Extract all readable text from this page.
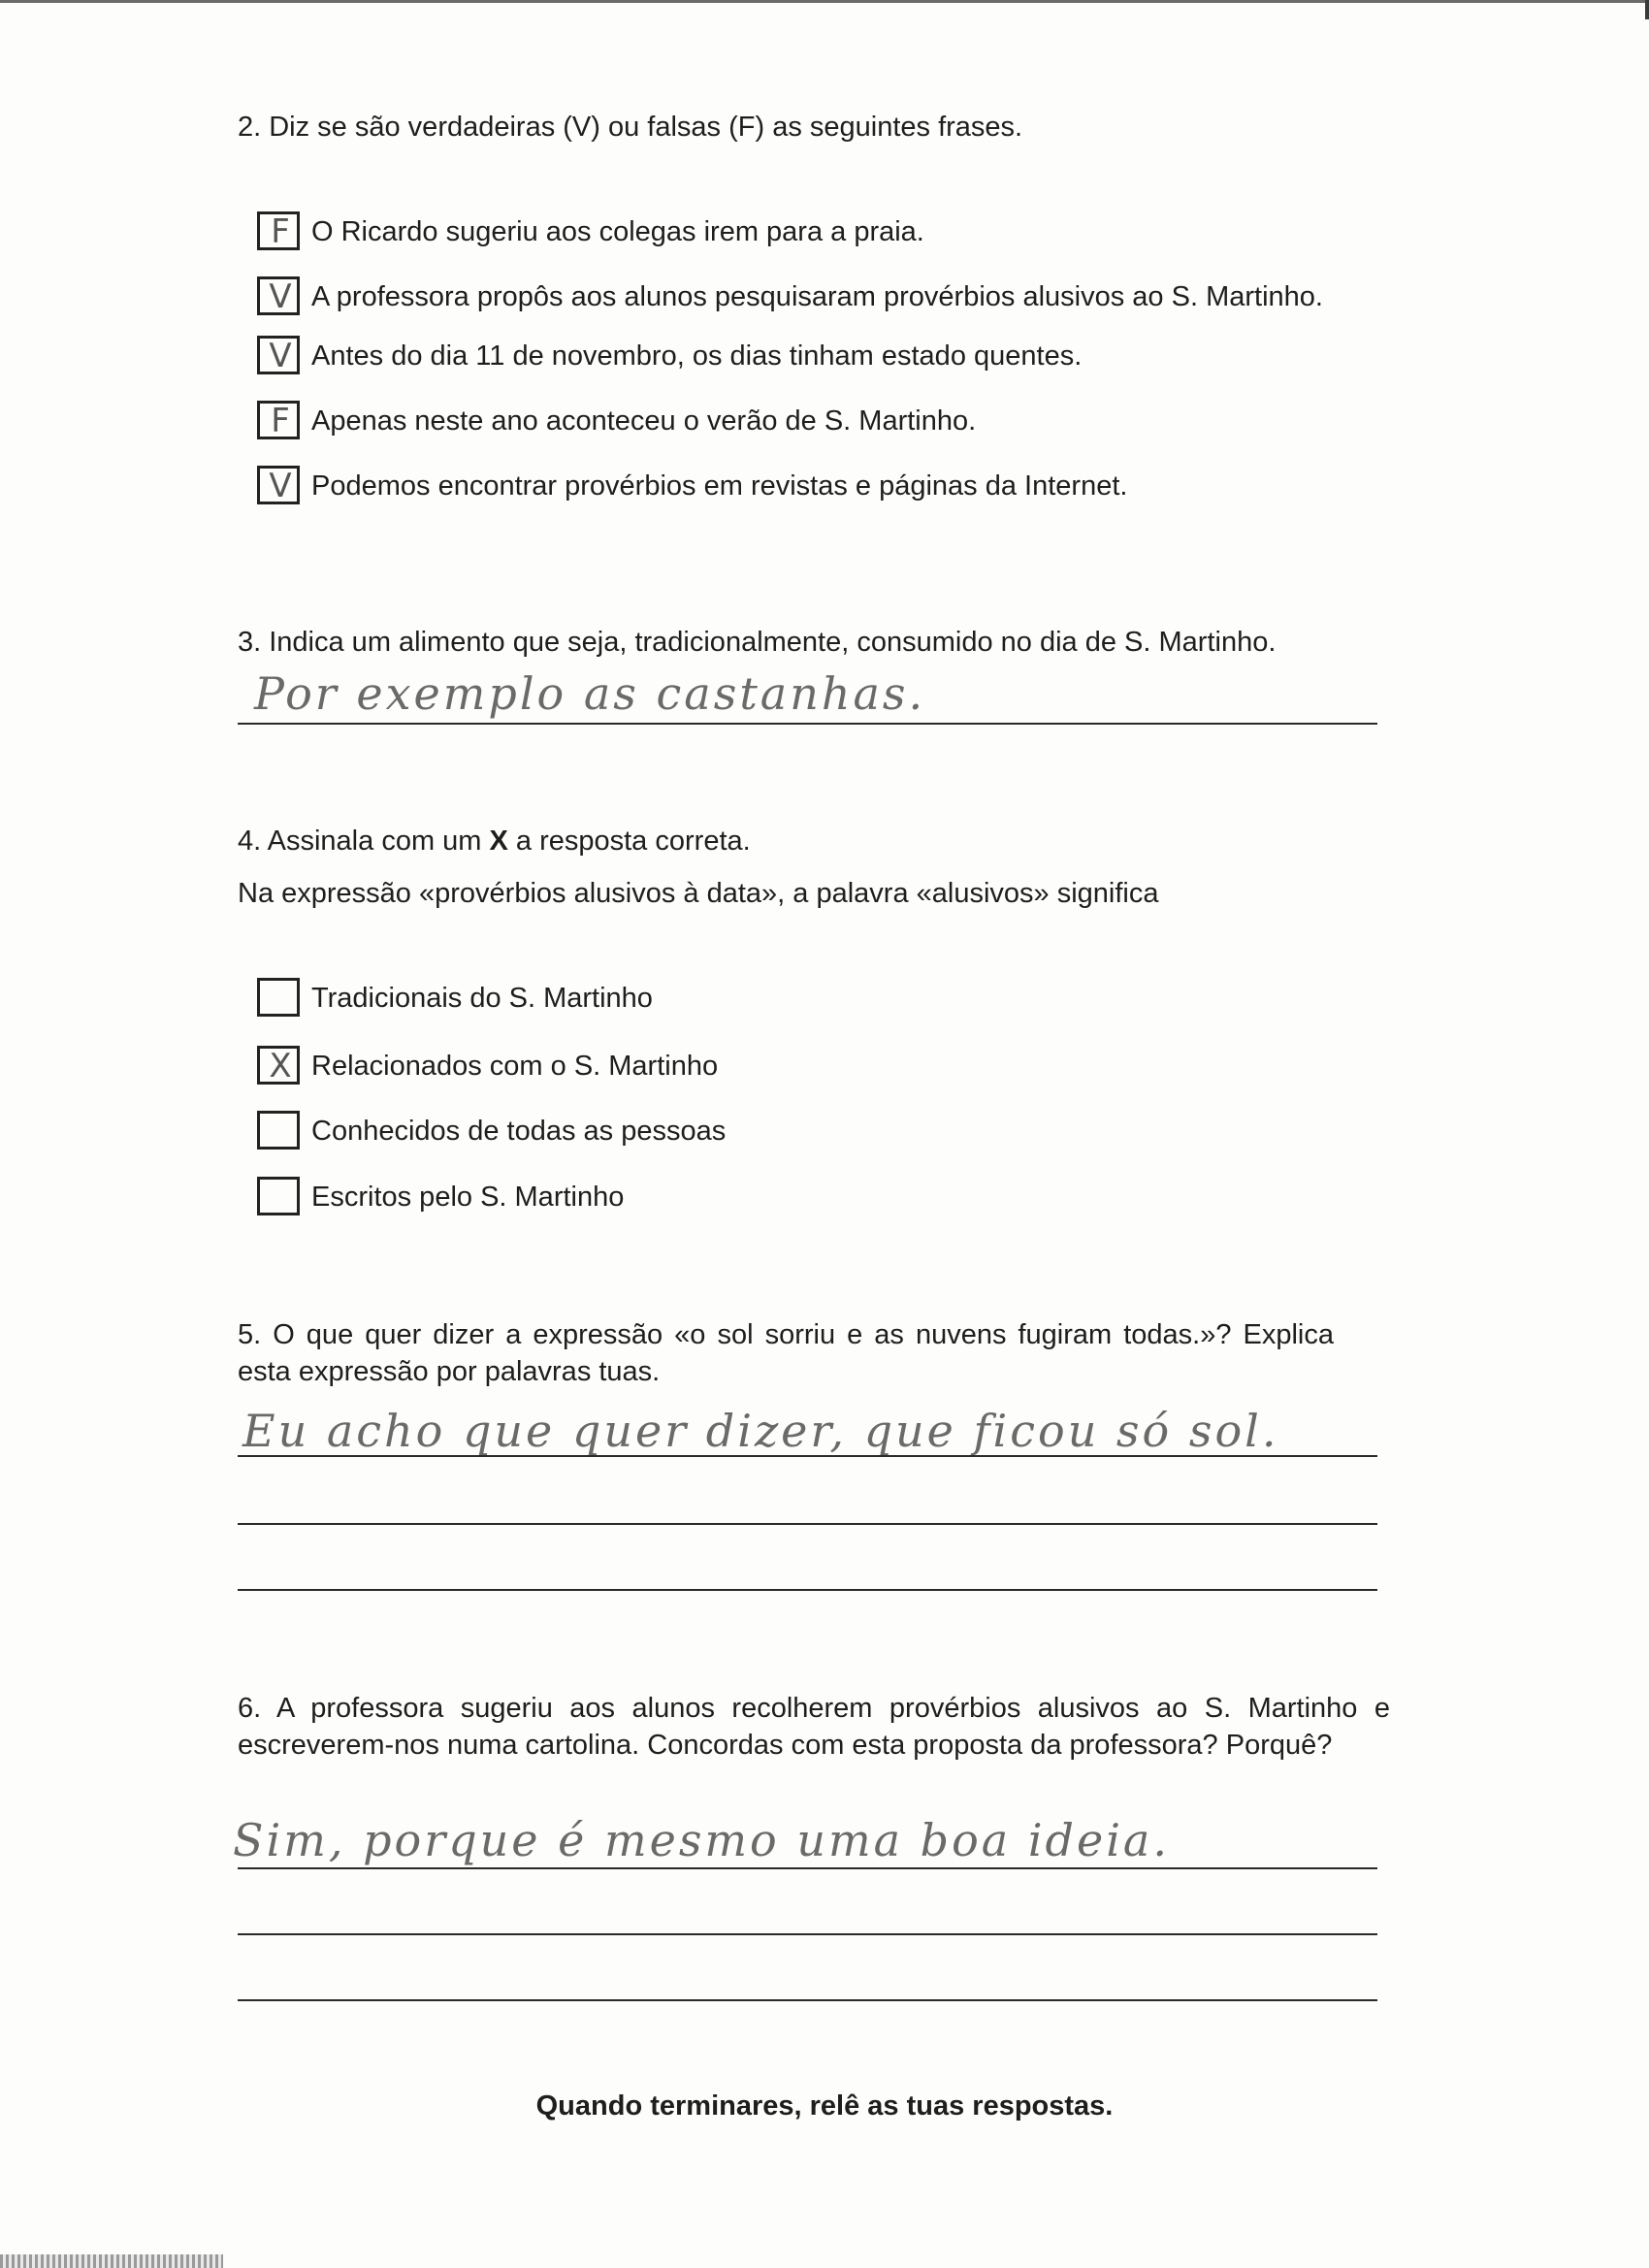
2. Diz se são verdadeiras (V) ou falsas (F) as seguintes frases.
F O Ricardo sugeriu aos colegas irem para a praia.
V A professora propôs aos alunos pesquisaram provérbios alusivos ao S. Martinho.
V Antes do dia 11 de novembro, os dias tinham estado quentes.
F Apenas neste ano aconteceu o verão de S. Martinho.
V Podemos encontrar provérbios em revistas e páginas da Internet.
3. Indica um alimento que seja, tradicionalmente, consumido no dia de S. Martinho.
Por exemplo as castanhas.
4. Assinala com um X a resposta correta.
Na expressão «provérbios alusivos à data», a palavra «alusivos» significa
Tradicionais do S. Martinho
X Relacionados com o S. Martinho
Conhecidos de todas as pessoas
Escritos pelo S. Martinho
5. O que quer dizer a expressão «o sol sorriu e as nuvens fugiram todas.»? Explica esta expressão por palavras tuas.
Eu acho que quer dizer, que ficou só sol.
6. A professora sugeriu aos alunos recolherem provérbios alusivos ao S. Martinho e escreverem-nos numa cartolina. Concordas com esta proposta da professora? Porquê?
Sim, porque é mesmo uma boa ideia.
Quando terminares, relê as tuas respostas.
